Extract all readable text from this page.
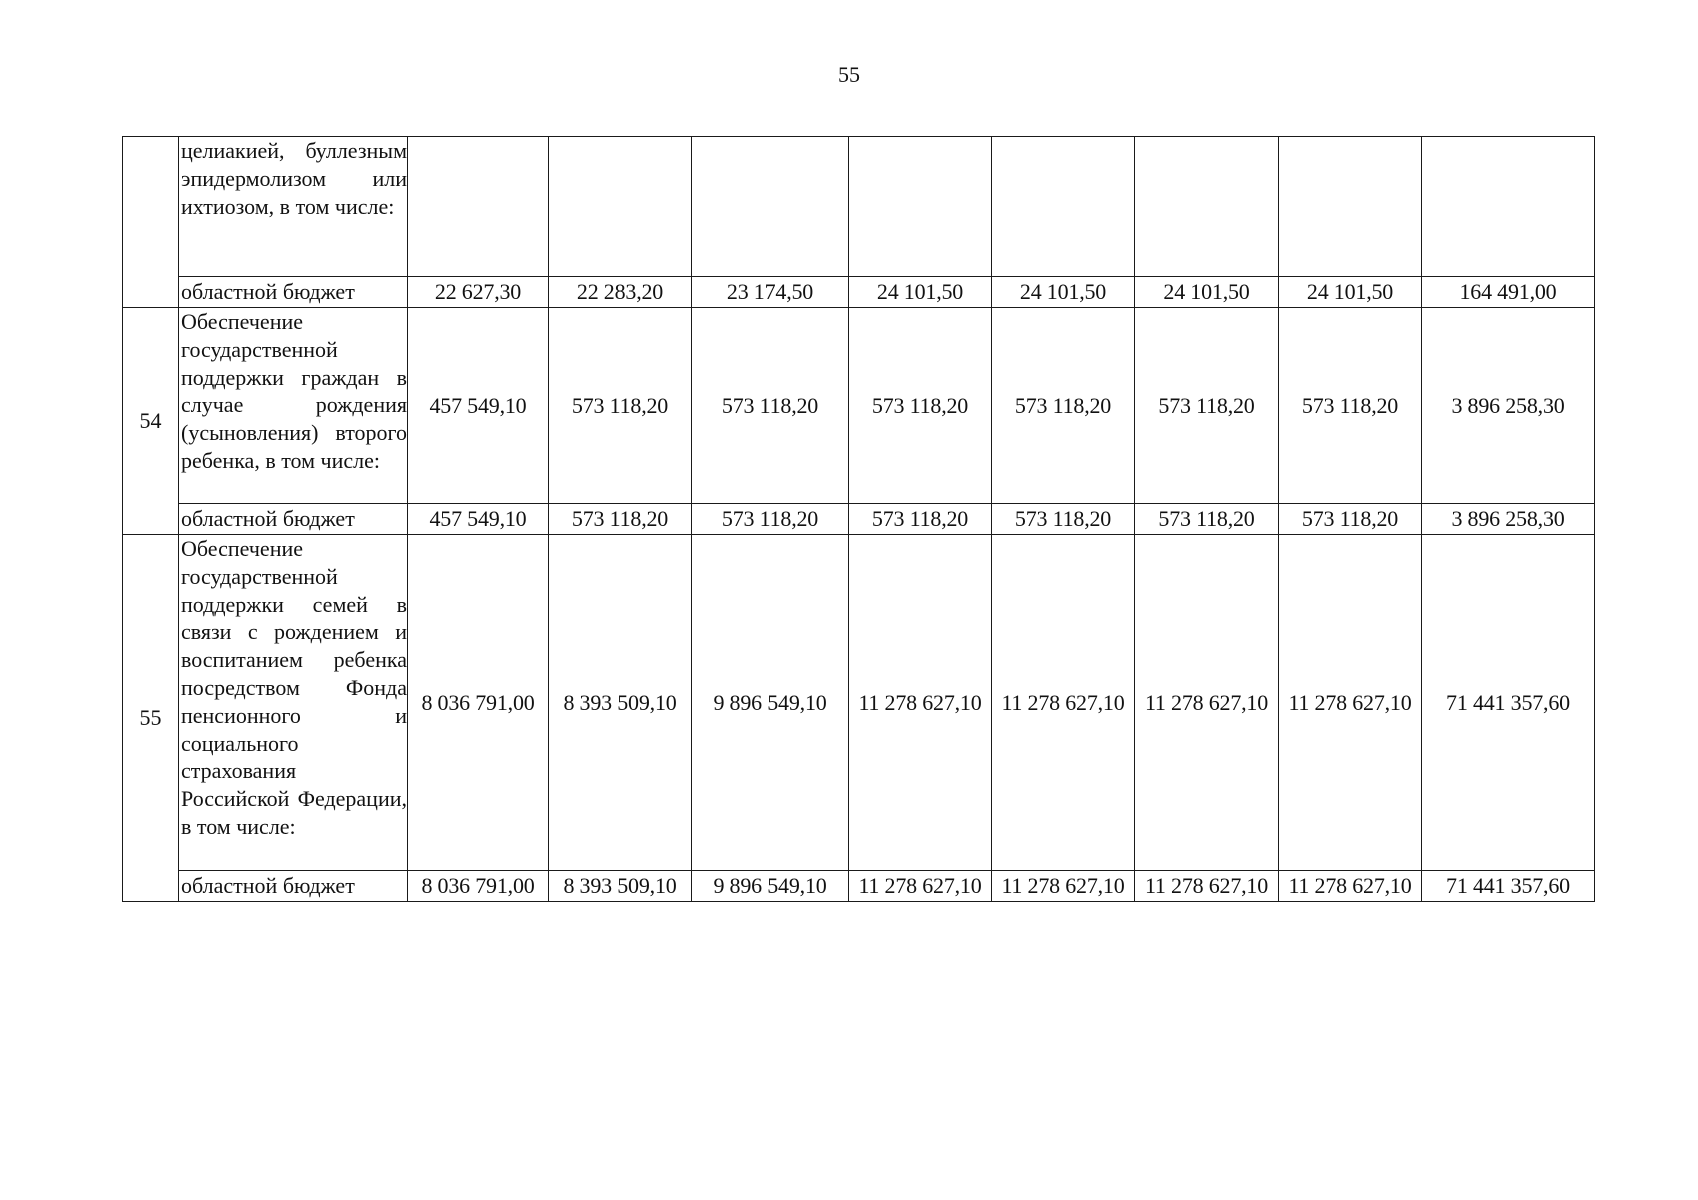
55
	целиакией, буллезным эпидермолизом или ихтиозом, в том числе:								
	областной бюджет	22 627,30	22 283,20	23 174,50	24 101,50	24 101,50	24 101,50	24 101,50	164 491,00
54	Обеспечение государственной поддержки граждан в случае рождения (усыновления) второго ребенка, в том числе:	457 549,10	573 118,20	573 118,20	573 118,20	573 118,20	573 118,20	573 118,20	3 896 258,30
	областной бюджет	457 549,10	573 118,20	573 118,20	573 118,20	573 118,20	573 118,20	573 118,20	3 896 258,30
55	Обеспечение государственной поддержки семей в связи с рождением и воспитанием ребенка посредством Фонда пенсионного и социального страхования Российской Федерации, в том числе:	8 036 791,00	8 393 509,10	9 896 549,10	11 278 627,10	11 278 627,10	11 278 627,10	11 278 627,10	71 441 357,60
	областной бюджет	8 036 791,00	8 393 509,10	9 896 549,10	11 278 627,10	11 278 627,10	11 278 627,10	11 278 627,10	71 441 357,60
